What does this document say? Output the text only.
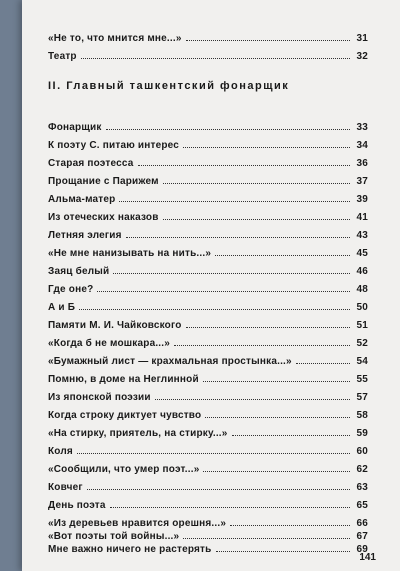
«Не то, что мнится мне...»	31
Театр	32
II. Главный ташкентский фонарщик
Фонарщик	33
К поэту С. питаю интерес	34
Старая поэтесса	36
Прощание с Парижем	37
Альма-матер	39
Из отеческих наказов	41
Летняя элегия	43
«Не мне нанизывать на нить...»	45
Заяц белый	46
Где оне?	48
А и Б	50
Памяти М. И. Чайковского	51
«Когда б не мошкара...»	52
«Бумажный лист — крахмальная простынка...»	54
Помню, в доме на Неглинной	55
Из японской поэзии	57
Когда строку диктует чувство	58
«На стирку, приятель, на стирку...»	59
Коля	60
«Сообщили, что умер поэт...»	62
Ковчег	63
День поэта	65
«Из деревьев нравится орешня...»	66
«Вот поэты той войны...»	67
Мне важно ничего не растерять	69
141
